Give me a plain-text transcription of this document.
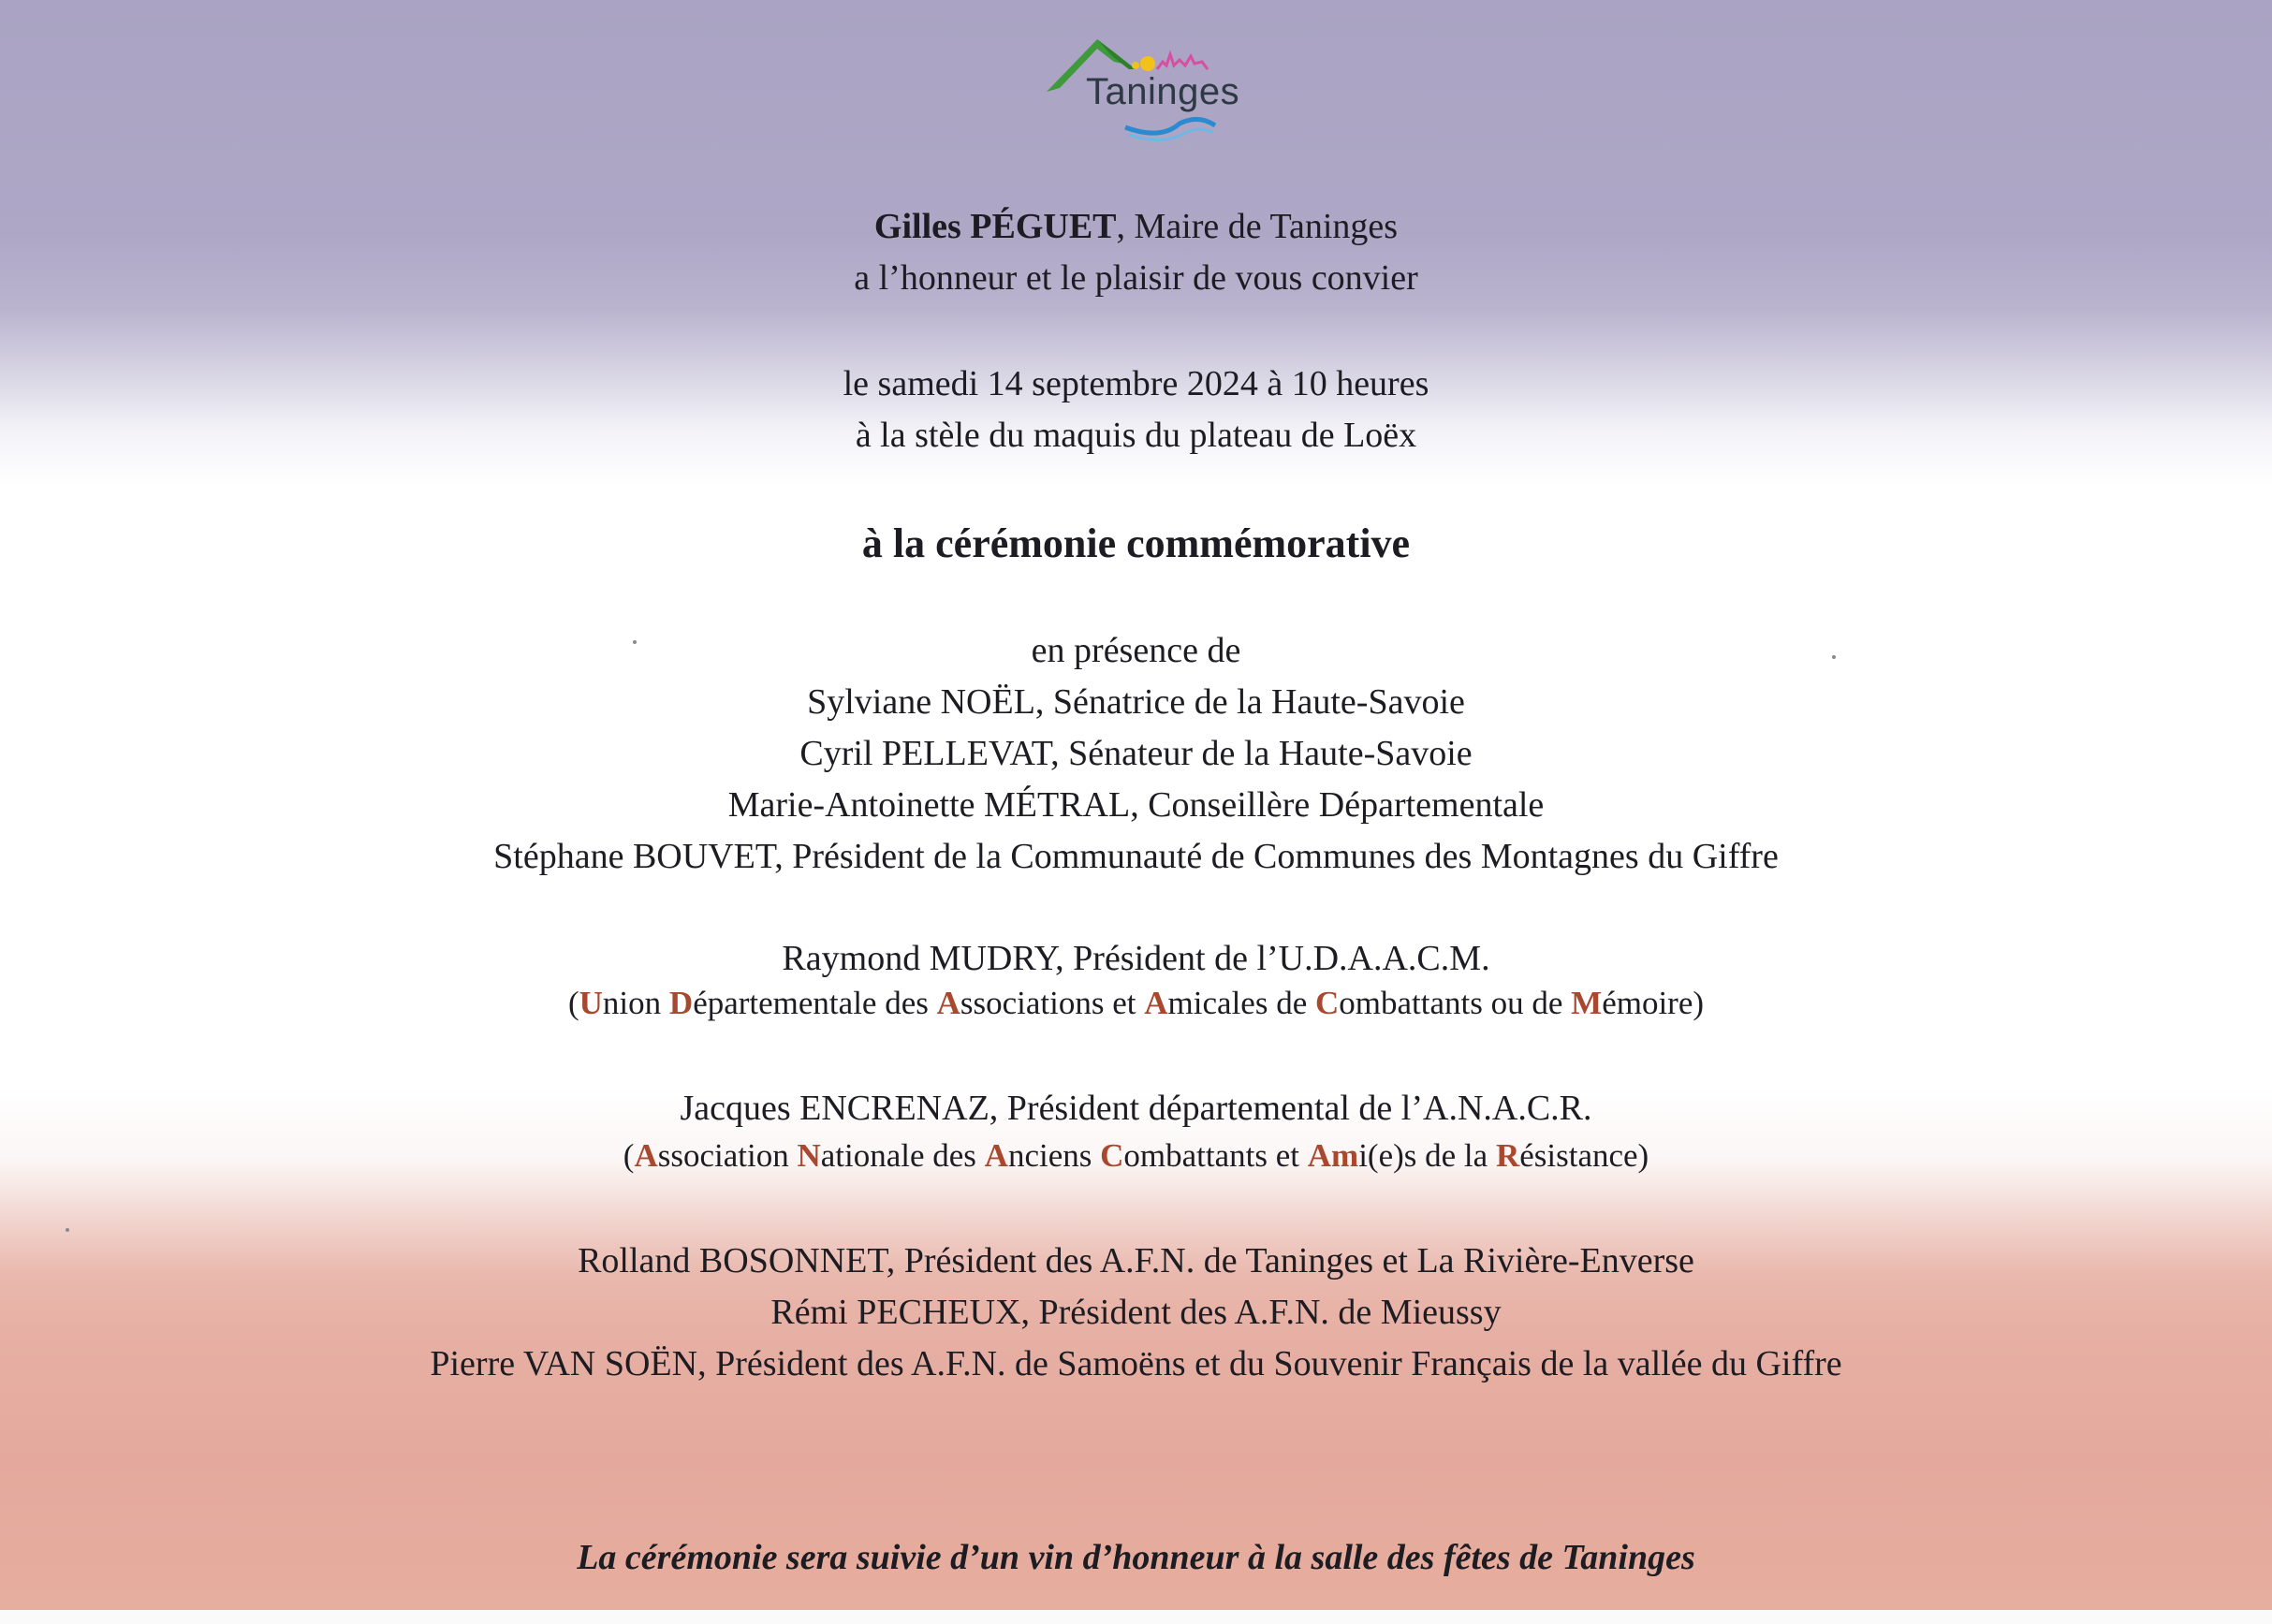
Taninges
Gilles PÉGUET, Maire de Taninges
a l’honneur et le plaisir de vous convier
le samedi 14 septembre 2024 à 10 heures
à la stèle du maquis du plateau de Loëx
à la cérémonie commémorative
en présence de
Sylviane NOËL, Sénatrice de la Haute-Savoie
Cyril PELLEVAT, Sénateur de la Haute-Savoie
Marie-Antoinette MÉTRAL, Conseillère Départementale
Stéphane BOUVET, Président de la Communauté de Communes des Montagnes du Giffre
Raymond MUDRY, Président de l’U.D.A.A.C.M.
(Union Départementale des Associations et Amicales de Combattants ou de Mémoire)
Jacques ENCRENAZ, Président départemental de l’A.N.A.C.R.
(Association Nationale des Anciens Combattants et Ami(e)s de la Résistance)
Rolland BOSONNET, Président des A.F.N. de Taninges et La Rivière-Enverse
Rémi PECHEUX, Président des A.F.N. de Mieussy
Pierre VAN SOËN, Président des A.F.N. de Samoëns et du Souvenir Français de la vallée du Giffre
La cérémonie sera suivie d’un vin d’honneur à la salle des fêtes de Taninges
